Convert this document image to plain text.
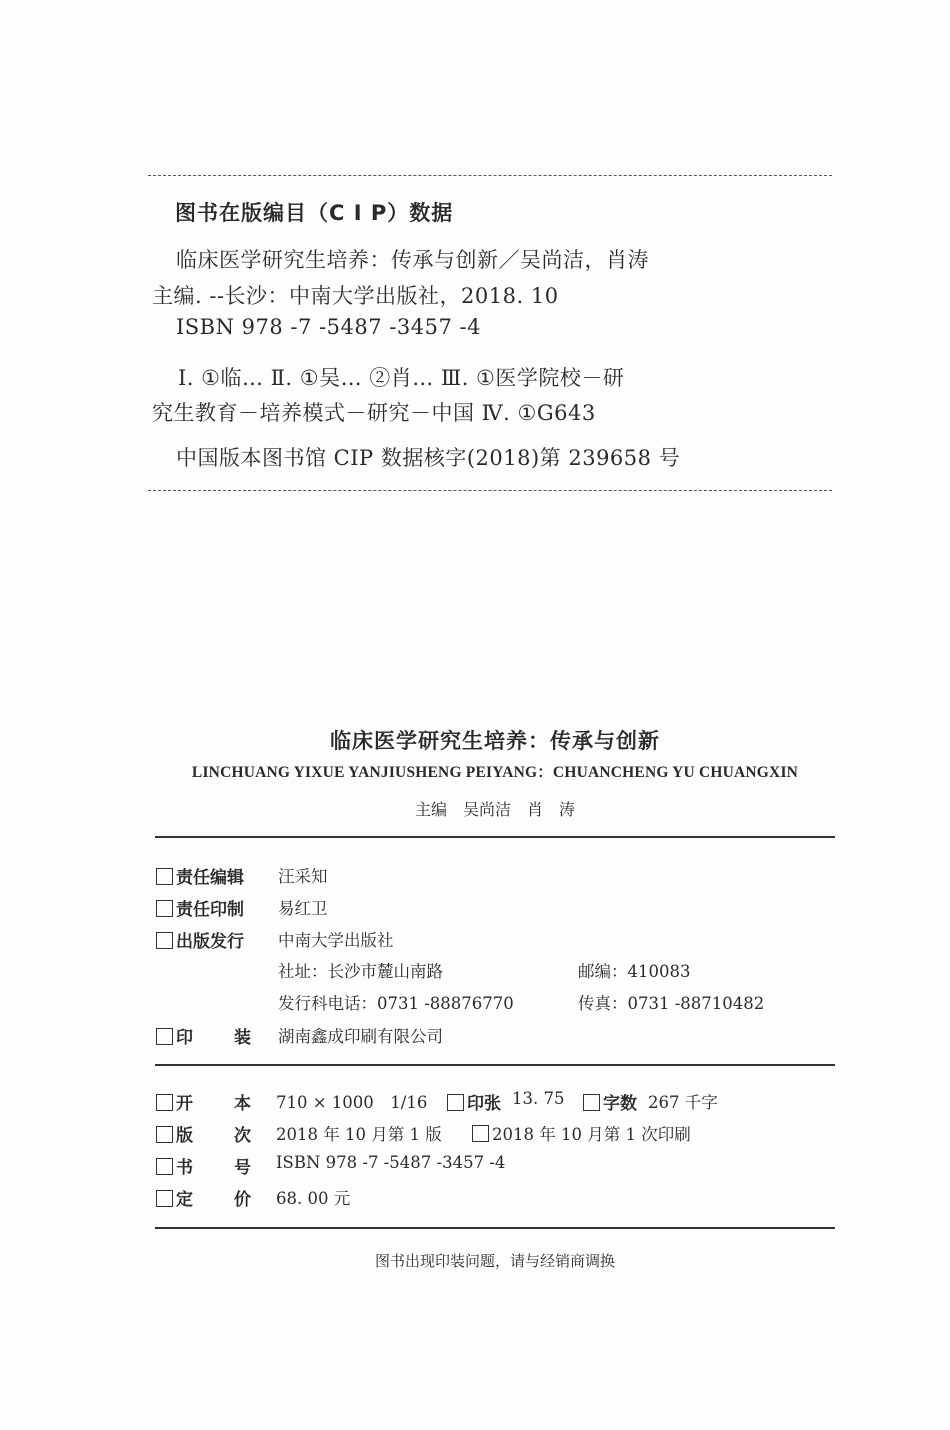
图书在版编目（C I P）数据
临床医学研究生培养：传承与创新／吴尚洁，肖涛
主编. --长沙：中南大学出版社，2018. 10
ISBN 978 -7 -5487 -3457 -4
Ⅰ. ①临… Ⅱ. ①吴… ②肖… Ⅲ. ①医学院校－研
究生教育－培养模式－研究－中国 Ⅳ. ①G643
中国版本图书馆 CIP 数据核字(2018)第 239658 号
临床医学研究生培养：传承与创新
LINCHUANG YIXUE YANJIUSHENG PEIYANG：CHUANCHENG YU CHUANGXIN
主编　吴尚洁　肖　涛
责任编辑 汪采知
责任印制 易红卫
出版发行 中南大学出版社
社址：长沙市麓山南路	邮编：410083
发行科电话：0731 -88876770	传真：0731 -88710482
印 装 湖南鑫成印刷有限公司
开 本 710 × 1000　1/16	印张 13. 75	字数 267 千字
版 次 2018 年 10 月第 1 版	2018 年 10 月第 1 次印刷
书 号 ISBN 978 -7 -5487 -3457 -4
定 价 68. 00 元
图书出现印装问题，请与经销商调换
